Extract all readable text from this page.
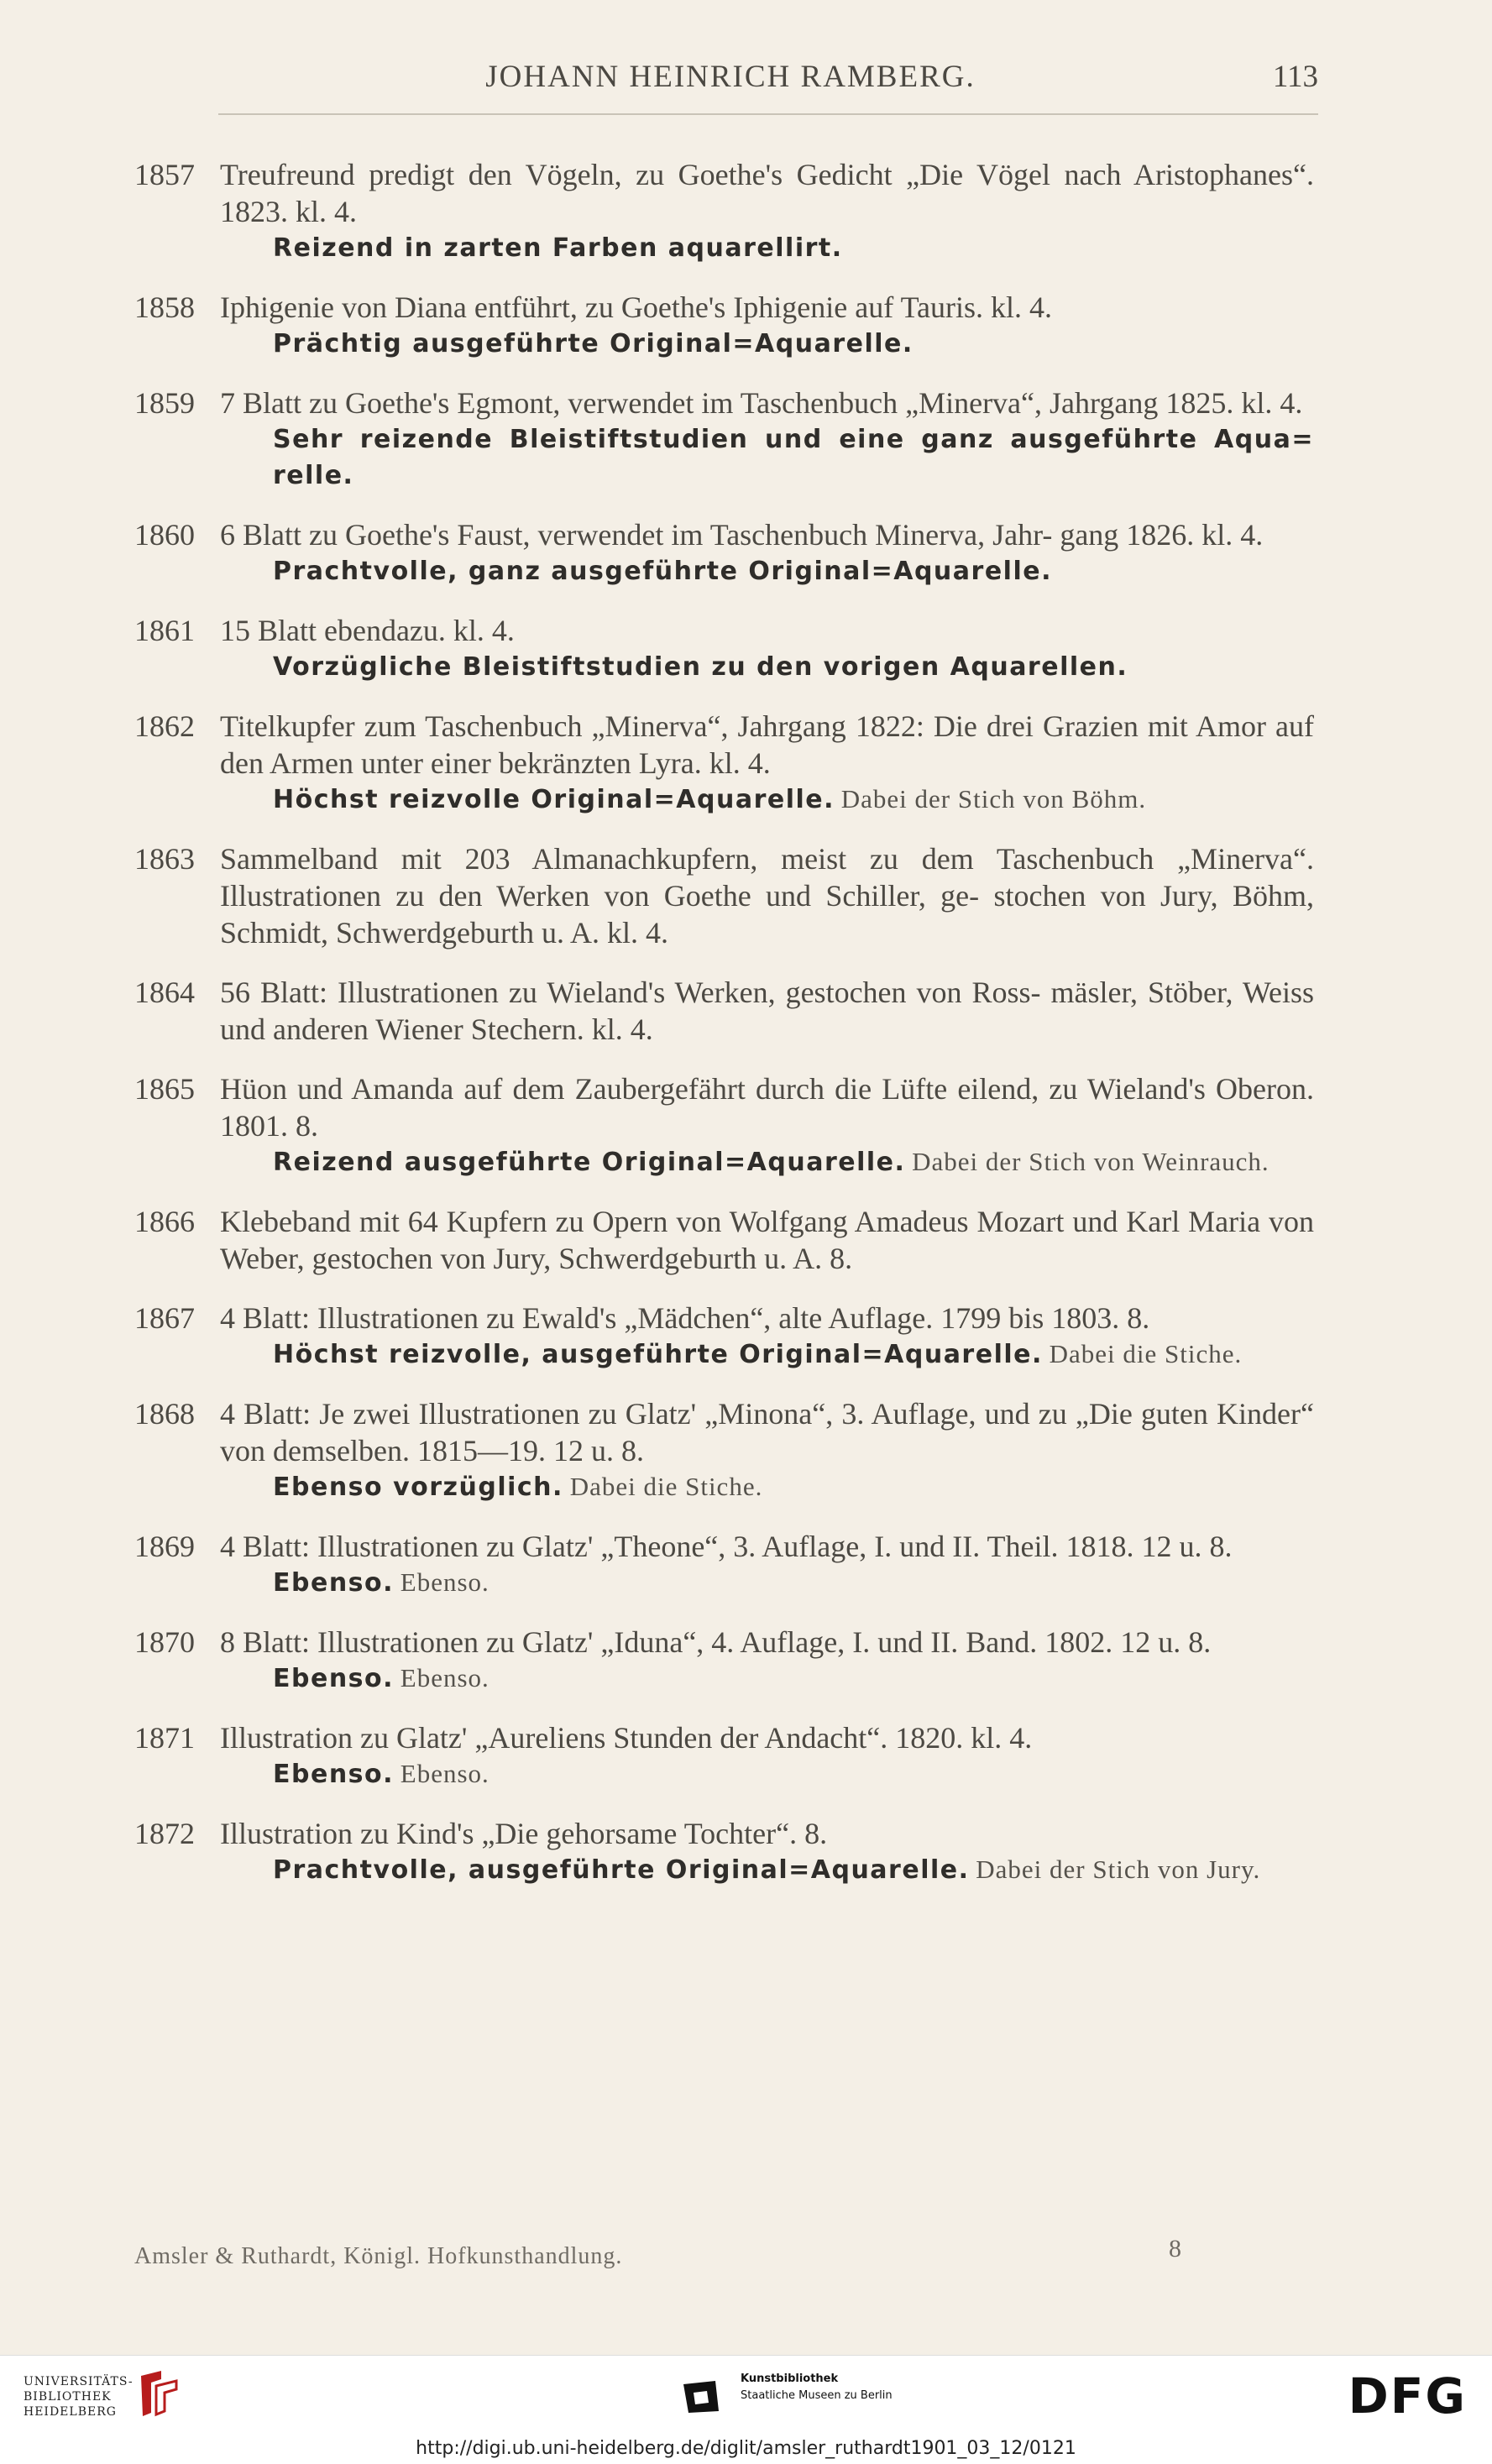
JOHANN HEINRICH RAMBERG.	113
1857 Treufreund predigt den Vögeln, zu Goethe's Gedicht „Die Vögel nach Aristophanes“. 1823. kl. 4.
Reizend in zarten Farben aquarellirt.
1858 Iphigenie von Diana entführt, zu Goethe's Iphigenie auf Tauris. kl. 4.
Prächtig ausgeführte Original=Aquarelle.
1859 7 Blatt zu Goethe's Egmont, verwendet im Taschenbuch „Minerva“, Jahrgang 1825. kl. 4.
Sehr reizende Bleistiftstudien und eine ganz ausgeführte Aqua= relle.
1860 6 Blatt zu Goethe's Faust, verwendet im Taschenbuch Minerva, Jahr- gang 1826. kl. 4.
Prachtvolle, ganz ausgeführte Original=Aquarelle.
1861 15 Blatt ebendazu. kl. 4.
Vorzügliche Bleistiftstudien zu den vorigen Aquarellen.
1862 Titelkupfer zum Taschenbuch „Minerva“, Jahrgang 1822: Die drei Grazien mit Amor auf den Armen unter einer bekränzten Lyra. kl. 4.
Höchst reizvolle Original=Aquarelle. Dabei der Stich von Böhm.
1863 Sammelband mit 203 Almanachkupfern, meist zu dem Taschenbuch „Minerva“. Illustrationen zu den Werken von Goethe und Schiller, ge- stochen von Jury, Böhm, Schmidt, Schwerdgeburth u. A. kl. 4.
1864 56 Blatt: Illustrationen zu Wieland's Werken, gestochen von Ross- mäsler, Stöber, Weiss und anderen Wiener Stechern. kl. 4.
1865 Hüon und Amanda auf dem Zaubergefährt durch die Lüfte eilend, zu Wieland's Oberon. 1801. 8.
Reizend ausgeführte Original=Aquarelle. Dabei der Stich von Weinrauch.
1866 Klebeband mit 64 Kupfern zu Opern von Wolfgang Amadeus Mozart und Karl Maria von Weber, gestochen von Jury, Schwerdgeburth u. A. 8.
1867 4 Blatt: Illustrationen zu Ewald's „Mädchen“, alte Auflage. 1799 bis 1803. 8.
Höchst reizvolle, ausgeführte Original=Aquarelle. Dabei die Stiche.
1868 4 Blatt: Je zwei Illustrationen zu Glatz' „Minona“, 3. Auflage, und zu „Die guten Kinder“ von demselben. 1815—19. 12 u. 8.
Ebenso vorzüglich. Dabei die Stiche.
1869 4 Blatt: Illustrationen zu Glatz' „Theone“, 3. Auflage, I. und II. Theil. 1818. 12 u. 8.
Ebenso. Ebenso.
1870 8 Blatt: Illustrationen zu Glatz' „Iduna“, 4. Auflage, I. und II. Band. 1802. 12 u. 8.
Ebenso. Ebenso.
1871 Illustration zu Glatz' „Aureliens Stunden der Andacht“. 1820. kl. 4.
Ebenso. Ebenso.
1872 Illustration zu Kind's „Die gehorsame Tochter“. 8.
Prachtvolle, ausgeführte Original=Aquarelle. Dabei der Stich von Jury.
Amsler & Ruthardt, Königl. Hofkunsthandlung.	8
UNIVERSITÄTS-
BIBLIOTHEK
HEIDELBERG
Kunstbibliothek
Staatliche Museen zu Berlin	DFG
http://digi.ub.uni-heidelberg.de/diglit/amsler_ruthardt1901_03_12/0121
